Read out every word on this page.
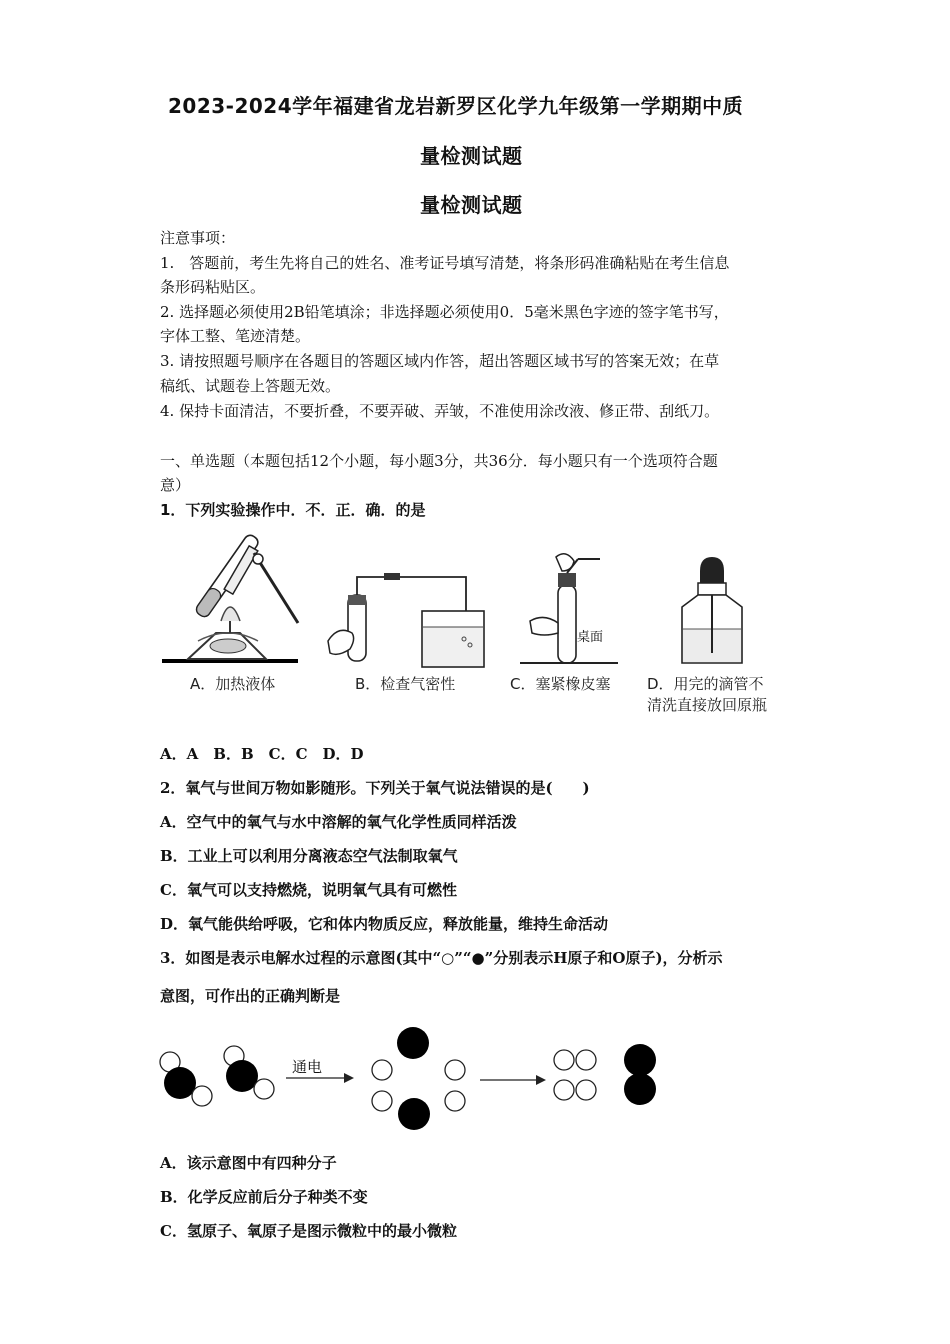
2023-2024学年福建省龙岩新罗区化学九年级第一学期期中质
量检测试题
量检测试题
注意事项：
1.　答题前，考生先将自己的姓名、准考证号填写清楚，将条形码准确粘贴在考生信息
条形码粘贴区。
2. 选择题必须使用2B铅笔填涂；非选择题必须使用0．5毫米黑色字迹的签字笔书写，
字体工整、笔迹清楚。
3. 请按照题号顺序在各题目的答题区域内作答，超出答题区域书写的答案无效；在草
稿纸、试题卷上答题无效。
4. 保持卡面清洁，不要折叠，不要弄破、弄皱，不准使用涂改液、修正带、刮纸刀。
一、单选题（本题包括12个小题，每小题3分，共36分．每小题只有一个选项符合题
意）
1．下列实验操作中．不．正．确．的是
A．加热液体	B．检查气密性
桌面
C．塞紧橡皮塞 D．用完的滴管不
清洗直接放回原瓶
A．A　B．B　C．C　D．D
2．氧气与世间万物如影随形。下列关于氧气说法错误的是(　　)
A．空气中的氧气与水中溶解的氧气化学性质同样活泼
B．工业上可以利用分离液态空气法制取氧气
C．氧气可以支持燃烧，说明氧气具有可燃性
D．氧气能供给呼吸，它和体内物质反应，释放能量，维持生命活动
3．如图是表示电解水过程的示意图(其中“○”“●”分别表示H原子和O原子)，分析示
意图，可作出的正确判断是
通电
A．该示意图中有四种分子
B．化学反应前后分子种类不变
C．氢原子、氧原子是图示微粒中的最小微粒
